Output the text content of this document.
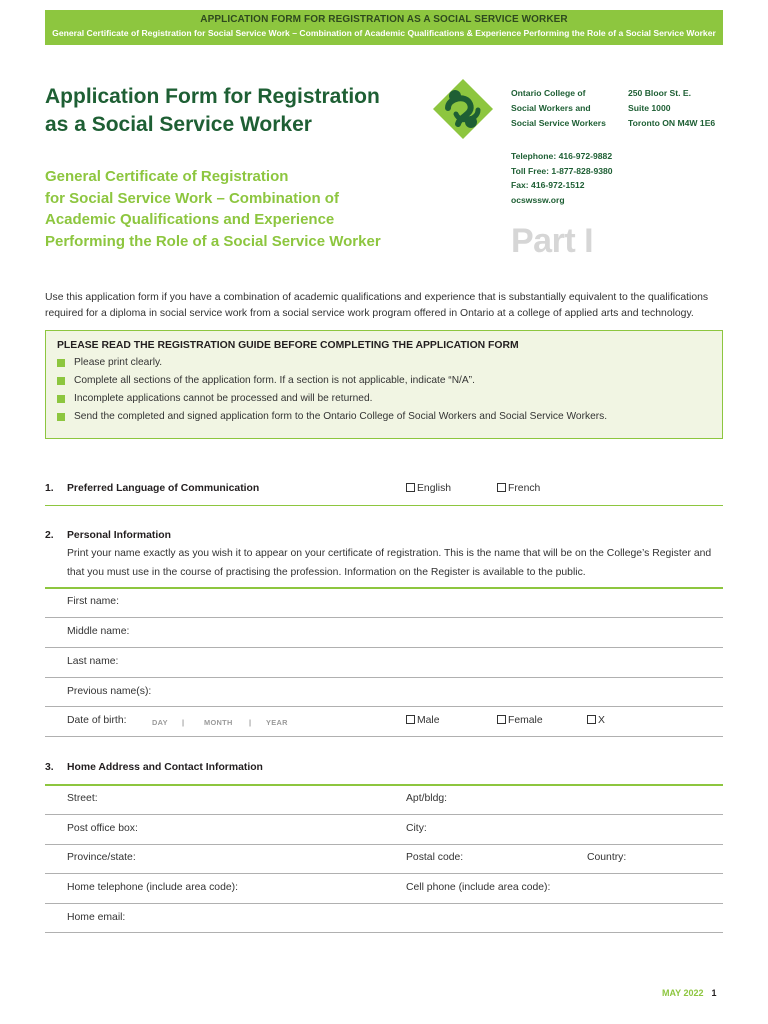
APPLICATION FORM FOR REGISTRATION AS A SOCIAL SERVICE WORKER
General Certificate of Registration for Social Service Work – Combination of Academic Qualifications & Experience Performing the Role of a Social Service Worker
Application Form for Registration
as a Social Service Worker
General Certificate of Registration
for Social Service Work – Combination of
Academic Qualifications and Experience
Performing the Role of a Social Service Worker
Ontario College of
Social Workers and
Social Service Workers
250 Bloor St. E.
Suite 1000
Toronto ON M4W 1E6
Telephone: 416-972-9882
Toll Free: 1-877-828-9380
Fax: 416-972-1512
ocswssw.org
Part I
Use this application form if you have a combination of academic qualifications and experience that is substantially equivalent to the qualifications required for a diploma in social service work from a social service work program offered in Ontario at a college of applied arts and technology.
PLEASE READ THE REGISTRATION GUIDE BEFORE COMPLETING THE APPLICATION FORM
Please print clearly.
Complete all sections of the application form. If a section is not applicable, indicate “N/A”.
Incomplete applications cannot be processed and will be returned.
Send the completed and signed application form to the Ontario College of Social Workers and Social Service Workers.
1. Preferred Language of Communication	English	French
2. Personal Information
Print your name exactly as you wish it to appear on your certificate of registration. This is the name that will be on the College’s Register and that you must use in the course of practising the profession. Information on the Register is available to the public.
First name:
Middle name:
Last name:
Previous name(s):
Date of birth:	DAY |	MONTH | YEAR	Male	Female	X
3. Home Address and Contact Information
Street:	Apt/bldg:
Post office box:	City:
Province/state:	Postal code:	Country:
Home telephone (include area code):	Cell phone (include area code):
Home email:
MAY 2022 1
